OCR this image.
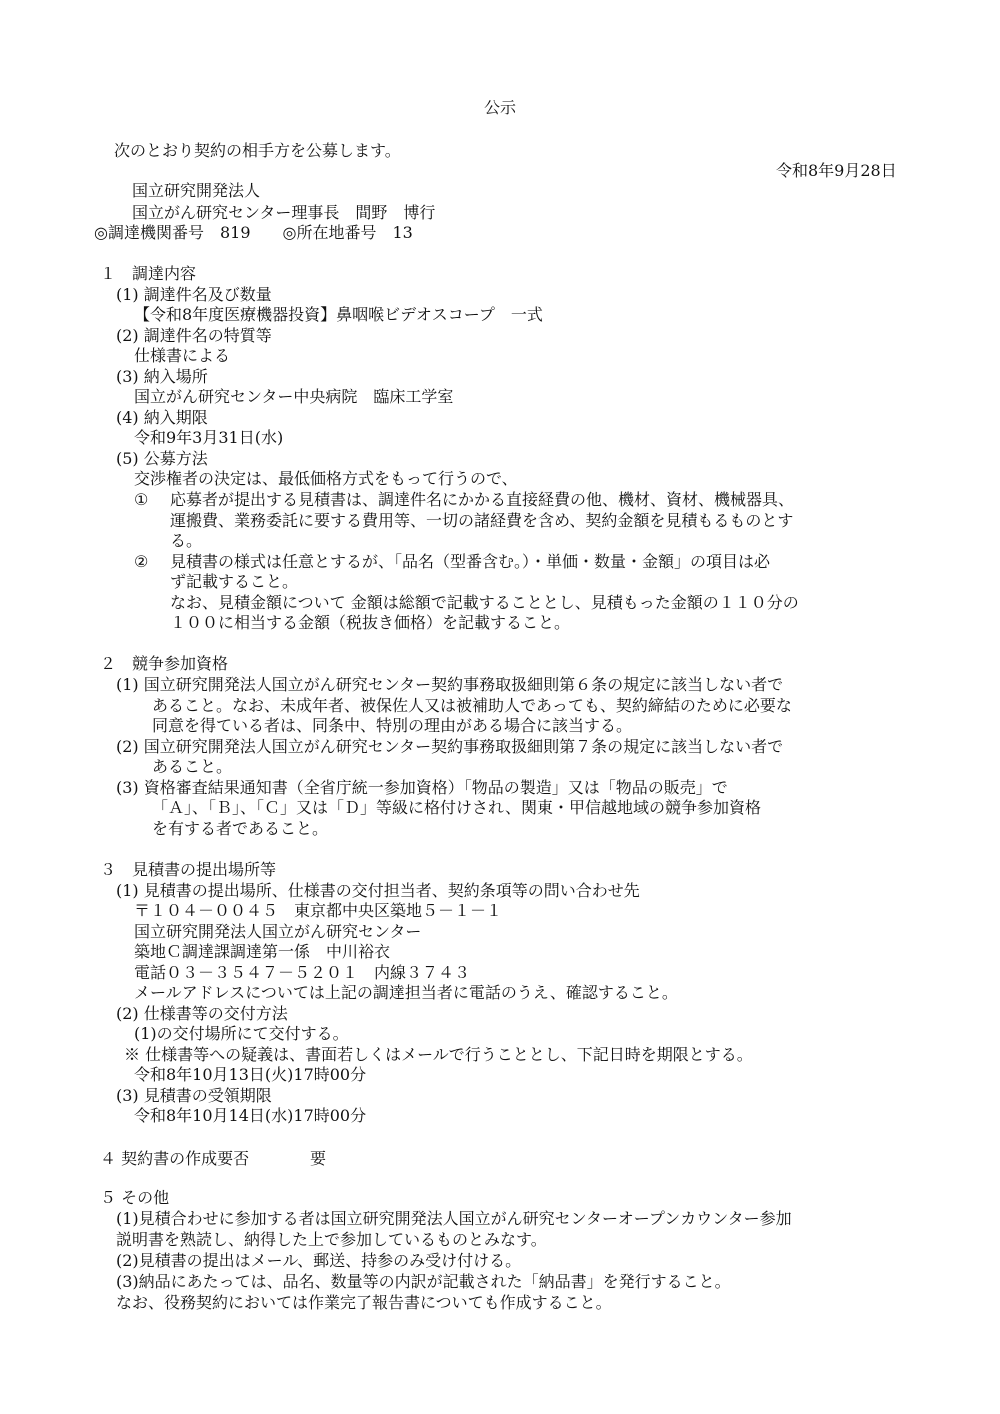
公示
次のとおり契約の相手方を公募します。
令和8年9月28日
国立研究開発法人
国立がん研究センター理事長　間野　博行
◎調達機関番号　819　　◎所在地番号　13
１　調達内容
(1) 調達件名及び数量
【令和8年度医療機器投資】鼻咽喉ビデオスコープ　一式
(2) 調達件名の特質等
仕様書による
(3) 納入場所
国立がん研究センター中央病院　臨床工学室
(4) 納入期限
令和9年3月31日(水)
(5) 公募方法
交渉権者の決定は、最低価格方式をもって行うので、
① 応募者が提出する見積書は、調達件名にかかる直接経費の他、機材、資材、機械器具、
運搬費、業務委託に要する費用等、一切の諸経費を含め、契約金額を見積もるものとす
る。
② 見積書の様式は任意とするが、「品名（型番含む。）・単価・数量・金額」の項目は必
ず記載すること。
なお、見積金額について 金額は総額で記載することとし、見積もった金額の１１０分の
１００に相当する金額（税抜き価格）を記載すること。
２　競争参加資格
(1) 国立研究開発法人国立がん研究センター契約事務取扱細則第６条の規定に該当しない者で
あること。なお、未成年者、被保佐人又は被補助人であっても、契約締結のために必要な
同意を得ている者は、同条中、特別の理由がある場合に該当する。
(2) 国立研究開発法人国立がん研究センター契約事務取扱細則第７条の規定に該当しない者で
あること。
(3) 資格審査結果通知書（全省庁統一参加資格）「物品の製造」又は「物品の販売」で
「Ａ」、「Ｂ」、「Ｃ」又は「Ｄ」等級に格付けされ、関東・甲信越地域の競争参加資格
を有する者であること。
３　見積書の提出場所等
(1) 見積書の提出場所、仕様書の交付担当者、契約条項等の問い合わせ先
〒１０４－００４５　東京都中央区築地５－１－１
国立研究開発法人国立がん研究センター
築地Ｃ調達課調達第一係　中川裕衣
電話０３－３５４７－５２０１　内線３７４３
メールアドレスについては上記の調達担当者に電話のうえ、確認すること。
(2) 仕様書等の交付方法
(1)の交付場所にて交付する。
※ 仕様書等への疑義は、書面若しくはメールで行うこととし、下記日時を期限とする。
令和8年10月13日(火)17時00分
(3) 見積書の受領期限
令和8年10月14日(水)17時00分
４ 契約書の作成要否	要
５ その他
(1)見積合わせに参加する者は国立研究開発法人国立がん研究センターオープンカウンター参加
説明書を熟読し、納得した上で参加しているものとみなす。
(2)見積書の提出はメール、郵送、持参のみ受け付ける。
(3)納品にあたっては、品名、数量等の内訳が記載された「納品書」を発行すること。
なお、役務契約においては作業完了報告書についても作成すること。
